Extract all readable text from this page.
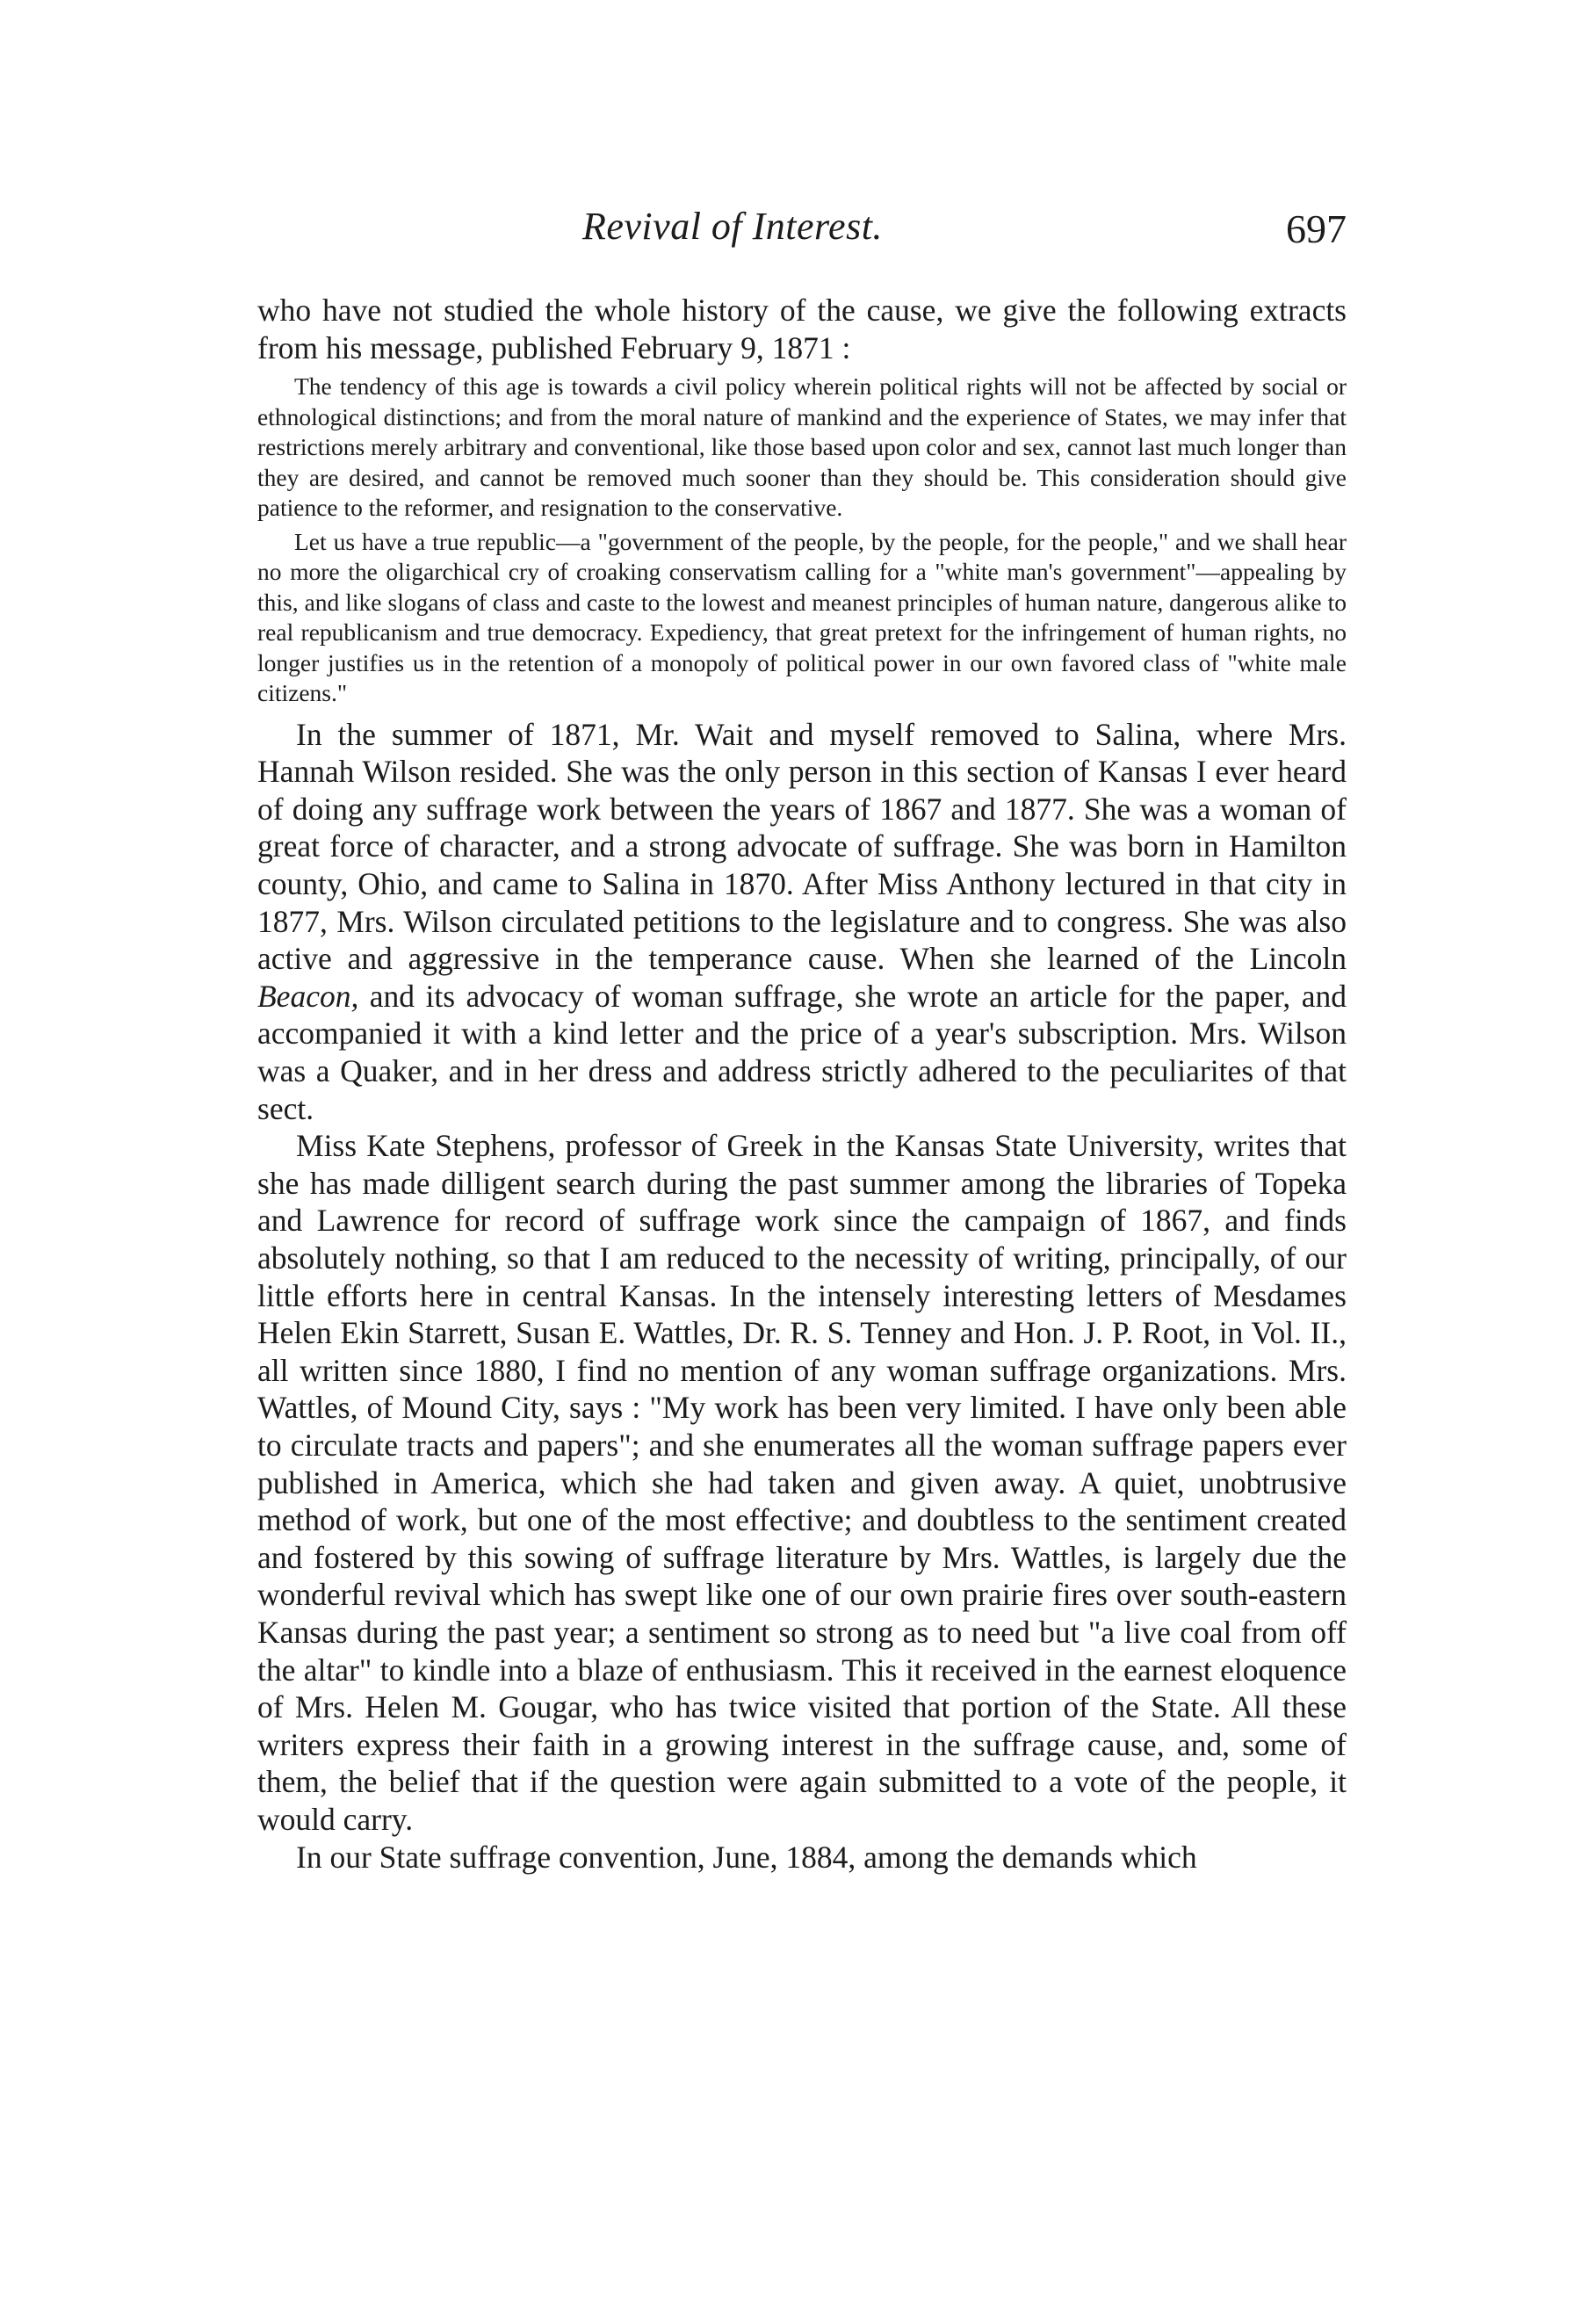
Revival of Interest.	697

who have not studied the whole history of the cause, we give the following extracts from his message, published February 9, 1871 :

The tendency of this age is towards a civil policy wherein political rights will not be affected by social or ethnological distinctions; and from the moral nature of mankind and the experience of States, we may infer that restrictions merely arbitrary and conventional, like those based upon color and sex, cannot last much longer than they are desired, and cannot be removed much sooner than they should be. This consideration should give patience to the reformer, and resignation to the conservative.

Let us have a true republic—a "government of the people, by the people, for the people," and we shall hear no more the oligarchical cry of croaking conservatism calling for a "white man's government"—appealing by this, and like slogans of class and caste to the lowest and meanest principles of human nature, dangerous alike to real republicanism and true democracy. Expediency, that great pretext for the infringement of human rights, no longer justifies us in the retention of a monopoly of political power in our own favored class of "white male citizens."

In the summer of 1871, Mr. Wait and myself removed to Salina, where Mrs. Hannah Wilson resided. She was the only person in this section of Kansas I ever heard of doing any suffrage work between the years of 1867 and 1877. She was a woman of great force of character, and a strong advocate of suffrage. She was born in Hamilton county, Ohio, and came to Salina in 1870. After Miss Anthony lectured in that city in 1877, Mrs. Wilson circulated petitions to the legislature and to congress. She was also active and aggressive in the temperance cause. When she learned of the Lincoln Beacon, and its advocacy of woman suffrage, she wrote an article for the paper, and accompanied it with a kind letter and the price of a year's subscription. Mrs. Wilson was a Quaker, and in her dress and address strictly adhered to the peculiarites of that sect.

Miss Kate Stephens, professor of Greek in the Kansas State University, writes that she has made dilligent search during the past summer among the libraries of Topeka and Lawrence for record of suffrage work since the campaign of 1867, and finds absolutely nothing, so that I am reduced to the necessity of writing, principally, of our little efforts here in central Kansas. In the intensely interesting letters of Mesdames Helen Ekin Starrett, Susan E. Wattles, Dr. R. S. Tenney and Hon. J. P. Root, in Vol. II., all written since 1880, I find no mention of any woman suffrage organizations. Mrs. Wattles, of Mound City, says : "My work has been very limited. I have only been able to circulate tracts and papers"; and she enumerates all the woman suffrage papers ever published in America, which she had taken and given away. A quiet, unobtrusive method of work, but one of the most effective; and doubtless to the sentiment created and fostered by this sowing of suffrage literature by Mrs. Wattles, is largely due the wonderful revival which has swept like one of our own prairie fires over south-eastern Kansas during the past year; a sentiment so strong as to need but "a live coal from off the altar" to kindle into a blaze of enthusiasm. This it received in the earnest eloquence of Mrs. Helen M. Gougar, who has twice visited that portion of the State. All these writers express their faith in a growing interest in the suffrage cause, and, some of them, the belief that if the question were again submitted to a vote of the people, it would carry.

In our State suffrage convention, June, 1884, among the demands which
